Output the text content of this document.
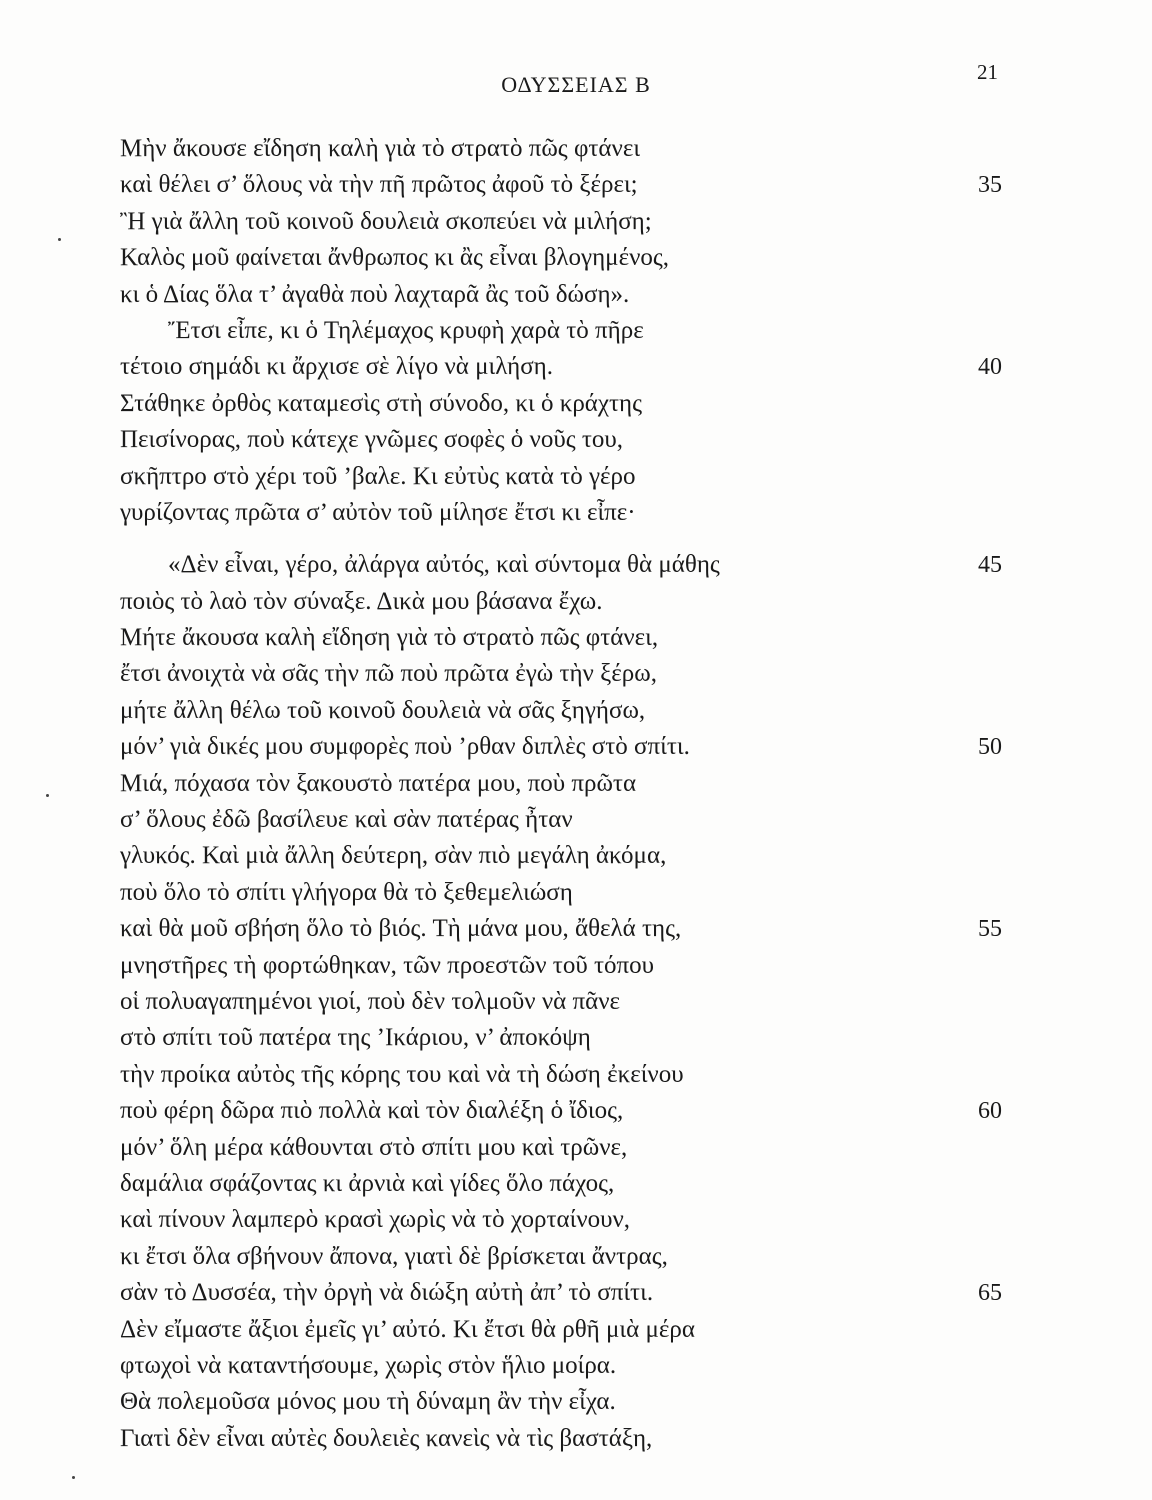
ΟΔΥΣΣΕΙΑΣ Β	21
Μὴν ἄκουσε εἴδηση καλὴ γιὰ τὸ στρατὸ πῶς φτάνει
καὶ θέλει σ’ ὅλους νὰ τὴν πῆ πρῶτος ἀφοῦ τὸ ξέρει;	35
Ἢ γιὰ ἄλλη τοῦ κοινοῦ δουλειὰ σκοπεύει νὰ μιλήση;
Καλὸς μοῦ φαίνεται ἄνθρωπος κι ἂς εἶναι βλογημένος,
κι ὁ Δίας ὅλα τ’ ἀγαθὰ ποὺ λαχταρᾶ ἂς τοῦ δώση».
Ἔτσι εἶπε, κι ὁ Τηλέμαχος κρυφὴ χαρὰ τὸ πῆρε
τέτοιο σημάδι κι ἄρχισε σὲ λίγο νὰ μιλήση.	40
Στάθηκε ὀρθὸς καταμεσὶς στὴ σύνοδο, κι ὁ κράχτης
Πεισίνορας, ποὺ κάτεχε γνῶμες σοφὲς ὁ νοῦς του,
σκῆπτρο στὸ χέρι τοῦ ’βαλε. Κι εὐτὺς κατὰ τὸ γέρο
γυρίζοντας πρῶτα σ’ αὐτὸν τοῦ μίλησε ἔτσι κι εἶπε·
«Δὲν εἶναι, γέρο, ἀλάργα αὐτός, καὶ σύντομα θὰ μάθης	45
ποιὸς τὸ λαὸ τὸν σύναξε. Δικὰ μου βάσανα ἔχω.
Μήτε ἄκουσα καλὴ εἴδηση γιὰ τὸ στρατὸ πῶς φτάνει,
ἔτσι ἀνοιχτὰ νὰ σᾶς τὴν πῶ ποὺ πρῶτα ἐγὼ τὴν ξέρω,
μήτε ἄλλη θέλω τοῦ κοινοῦ δουλειὰ νὰ σᾶς ξηγήσω,
μόν’ γιὰ δικές μου συμφορὲς ποὺ ’ρθαν διπλὲς στὸ σπίτι.	50
Μιά, πόχασα τὸν ξακουστὸ πατέρα μου, ποὺ πρῶτα
σ’ ὅλους ἐδῶ βασίλευε καὶ σὰν πατέρας ἦταν
γλυκός. Καὶ μιὰ ἄλλη δεύτερη, σὰν πιὸ μεγάλη ἀκόμα,
ποὺ ὅλο τὸ σπίτι γλήγορα θὰ τὸ ξεθεμελιώση
καὶ θὰ μοῦ σβήση ὅλο τὸ βιός. Τὴ μάνα μου, ἄθελά της,	55
μνηστῆρες τὴ φορτώθηκαν, τῶν προεστῶν τοῦ τόπου
οἱ πολυαγαπημένοι γιοί, ποὺ δὲν τολμοῦν νὰ πᾶνε
στὸ σπίτι τοῦ πατέρα της ’Ικάριου, ν’ ἀποκόψη
τὴν προίκα αὐτὸς τῆς κόρης του καὶ νὰ τὴ δώση ἐκείνου
ποὺ φέρη δῶρα πιὸ πολλὰ καὶ τὸν διαλέξη ὁ ἴδιος,	60
μόν’ ὅλη μέρα κάθουνται στὸ σπίτι μου καὶ τρῶνε,
δαμάλια σφάζοντας κι ἀρνιὰ καὶ γίδες ὅλο πάχος,
καὶ πίνουν λαμπερὸ κρασὶ χωρὶς νὰ τὸ χορταίνουν,
κι ἔτσι ὅλα σβήνουν ἄπονα, γιατὶ δὲ βρίσκεται ἄντρας,
σὰν τὸ Δυσσέα, τὴν ὀργὴ νὰ διώξη αὐτὴ ἀπ’ τὸ σπίτι.	65
Δὲν εἴμαστε ἄξιοι ἐμεῖς γι’ αὐτό. Κι ἔτσι θὰ ρθῆ μιὰ μέρα
φτωχοὶ νὰ καταντήσουμε, χωρὶς στὸν ἥλιο μοίρα.
Θὰ πολεμοῦσα μόνος μου τὴ δύναμη ἂν τὴν εἶχα.
Γιατὶ δὲν εἶναι αὐτὲς δουλειὲς κανεὶς νὰ τὶς βαστάξη,
